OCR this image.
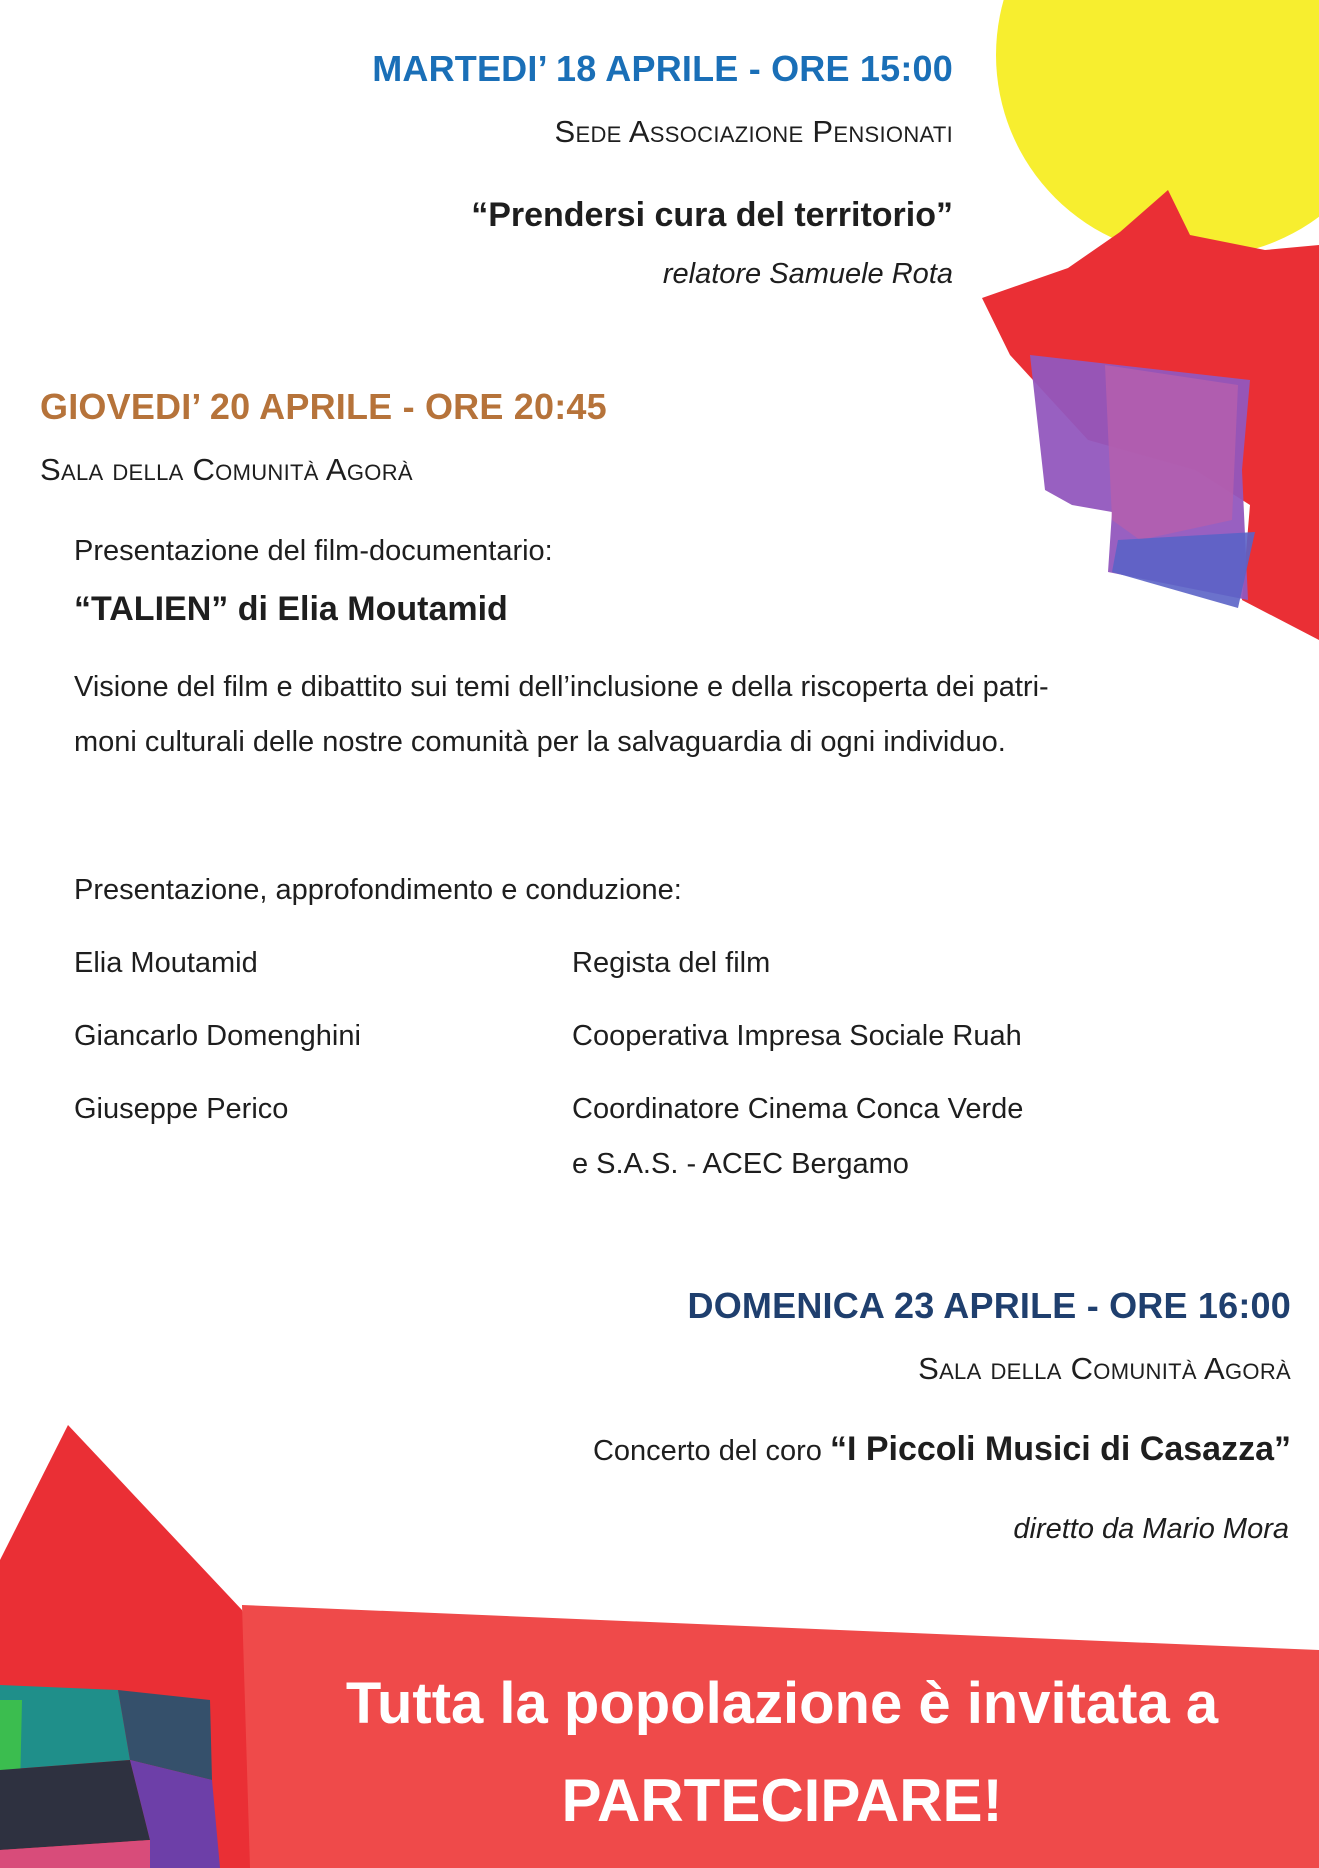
MARTEDI’ 18 APRILE - ORE 15:00
Sede Associazione Pensionati
“Prendersi cura del territorio”
relatore Samuele Rota
GIOVEDI’ 20 APRILE - ORE 20:45
Sala della Comunità Agorà
Presentazione del film-documentario:
“TALIEN” di Elia Moutamid
Visione del film e dibattito sui temi dell’inclusione e della riscoperta dei patri-
moni culturali delle nostre comunità per la salvaguardia di ogni individuo.
Presentazione, approfondimento e conduzione:
Elia Moutamid	Regista del film
Giancarlo Domenghini	Cooperativa Impresa Sociale Ruah
Giuseppe Perico	Coordinatore Cinema Conca Verde
e S.A.S. - ACEC Bergamo
DOMENICA 23 APRILE - ORE 16:00
Sala della Comunità Agorà
Concerto del coro “I Piccoli Musici di Casazza”
diretto da Mario Mora
Tutta la popolazione è invitata a
PARTECIPARE!
